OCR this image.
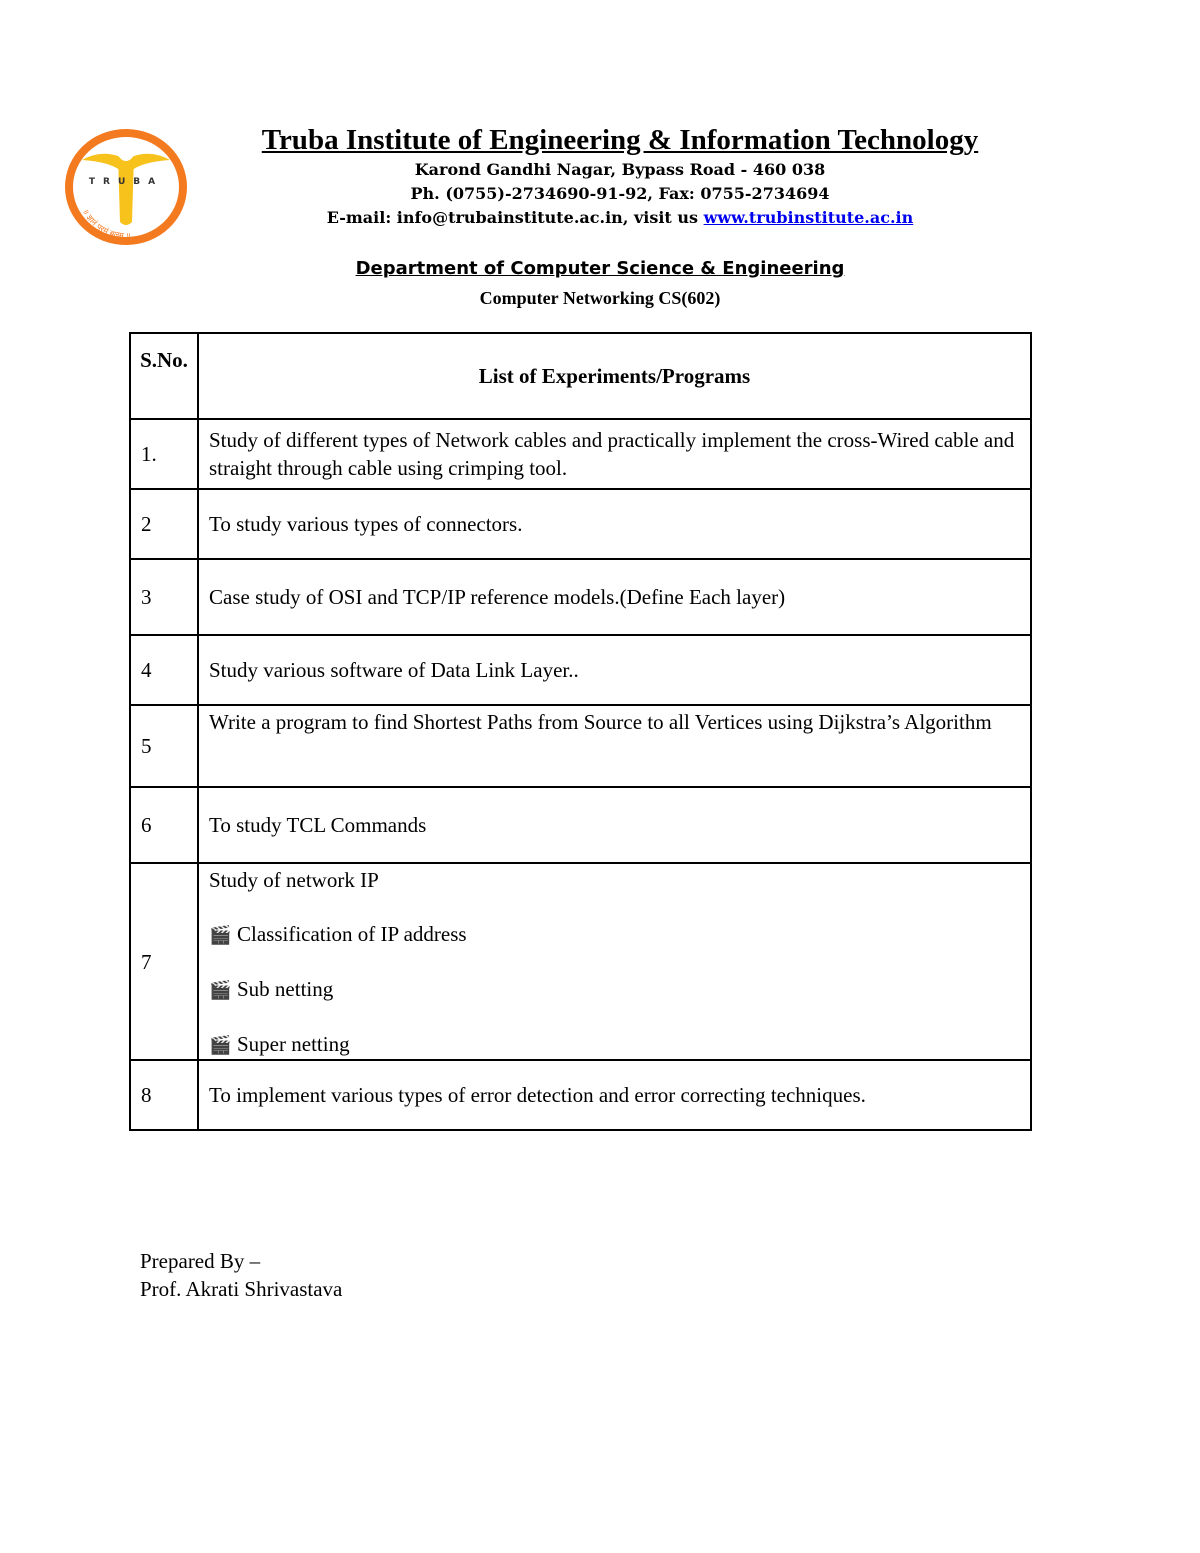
TRUBA
॥ ज्ञानं परमं बलम् ॥

Truba Institute of Engineering & Information Technology

Karond Gandhi Nagar, Bypass Road - 460 038

Ph. (0755)-2734690-91-92, Fax: 0755-2734694

E-mail: info@trubainstitute.ac.in, visit us www.trubinstitute.ac.in

Department of Computer Science & Engineering
Computer Networking CS(602)
S.No.	List of Experiments/Programs
1.	Study of different types of Network cables and practically implement the cross-Wired cable and straight through cable using crimping tool.
2	To study various types of connectors.
3	Case study of OSI and TCP/IP reference models.(Define Each layer)
4	Study various software of Data Link Layer..
5	Write a program to find Shortest Paths from Source to all Vertices using Dijkstra’s Algorithm
6	To study TCL Commands
7	Study of network IP
🎬 Classification of IP address
🎬 Sub netting
🎬 Super netting

8	To implement various types of error detection and error correcting techniques.
Prepared By –
Prof. Akrati Shrivastava
